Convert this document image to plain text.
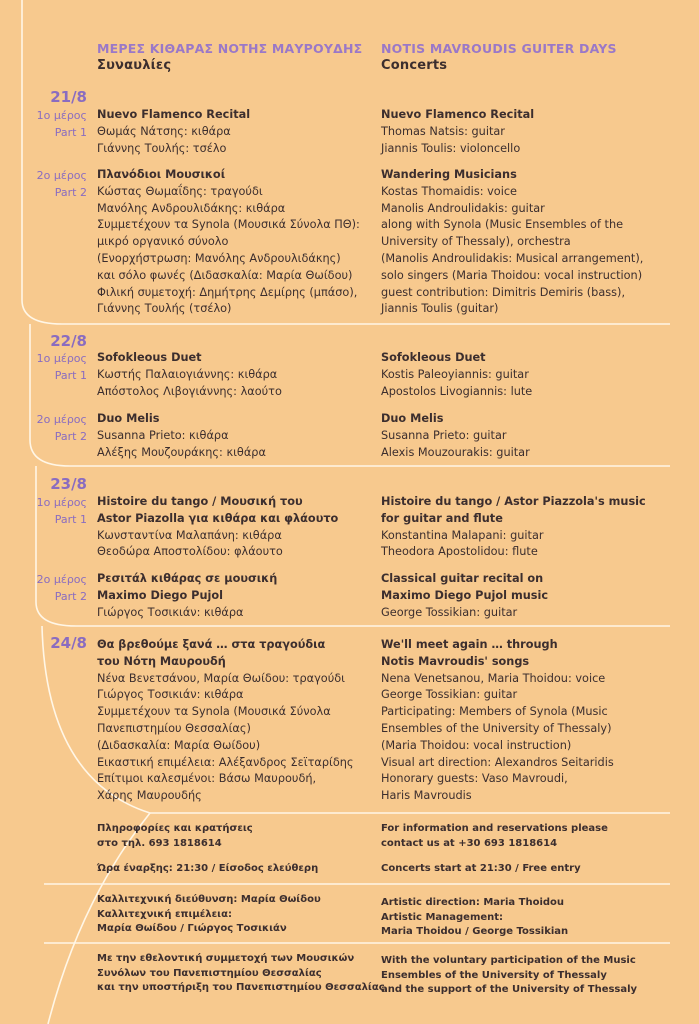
ΜΕΡΕΣ ΚΙΘΑΡΑΣ ΝΟΤΗΣ ΜΑΥΡΟΥΔΗΣ
Συναυλίες
NOTIS MAVROUDIS GUITER DAYS
Concerts
21/8
1ο μέρος
Part 1
Nuevo Flamenco Recital
Θωμάς Νάτσης: κιθάρα
Γιάννης Τουλής: τσέλο
Nuevo Flamenco Recital
Thomas Natsis: guitar
Jiannis Toulis: violoncello
2ο μέρος
Part 2
Πλανόδιοι Μουσικοί
Κώστας Θωμαΐδης: τραγούδι
Μανόλης Ανδρουλιδάκης: κιθάρα
Συμμετέχουν τα Synola (Μουσικά Σύνολα ΠΘ):
μικρό οργανικό σύνολο
(Ενορχήστρωση: Μανόλης Ανδρουλιδάκης)
και σόλο φωνές (Διδασκαλία: Μαρία Θωίδου)
Φιλική συμετοχή: Δημήτρης Δεμίρης (μπάσο),
Γιάννης Τουλής (τσέλο)
Wandering Musicians
Kostas Thomaidis: voice
Manolis Androulidakis: guitar
along with Synola (Music Ensembles of the
University of Thessaly), orchestra
(Manolis Androulidakis: Musical arrangement),
solo singers (Maria Thoidou: vocal instruction)
guest contribution: Dimitris Demiris (bass),
Jiannis Toulis (guitar)
22/8
1ο μέρος
Part 1
Sofokleous Duet
Κωστής Παλαιογιάννης: κιθάρα
Απόστολος Λιβογιάννης: λαούτο
Sofokleous Duet
Kostis Paleoyiannis: guitar
Apostolos Livogiannis: lute
2ο μέρος
Part 2
Duo Melis
Susanna Prieto: κιθάρα
Αλέξης Μουζουράκης: κιθάρα
Duo Melis
Susanna Prieto: guitar
Alexis Mouzourakis: guitar
23/8
1ο μέρος
Part 1
Histoire du tango / Μουσική του
Astor Piazolla για κιθάρα και φλάουτο
Κωνσταντίνα Μαλαπάνη: κιθάρα
Θεοδώρα Αποστολίδου: φλάουτο
Histoire du tango / Astor Piazzola's music
for guitar and flute
Konstantina Malapani: guitar
Theodora Apostolidou: flute
2ο μέρος
Part 2
Ρεσιτάλ κιθάρας σε μουσική
Maximo Diego Pujol
Γιώργος Τοσικιάν: κιθάρα
Classical guitar recital on
Maximo Diego Pujol music
George Tossikian: guitar
24/8 Θα βρεθούμε ξανά … στα τραγούδια
του Νότη Μαυρουδή
Νένα Βενετσάνου, Μαρία Θωίδου: τραγούδι
Γιώργος Τοσικιάν: κιθάρα
Συμμετέχουν τα Synola (Μουσικά Σύνολα
Πανεπιστημίου Θεσσαλίας)
(Διδασκαλία: Μαρία Θωίδου)
Εικαστική επιμέλεια: Αλέξανδρος Σεϊταρίδης
Επίτιμοι καλεσμένοι: Βάσω Μαυρουδή,
Χάρης Μαυρουδής
We'll meet again … through
Notis Mavroudis' songs
Nena Venetsanou, Maria Thoidou: voice
George Tossikian: guitar
Participating: Members of Synola (Music
Ensembles of the University of Thessaly)
(Maria Thoidou: vocal instruction)
Visual art direction: Alexandros Seitaridis
Honorary guests: Vaso Mavroudi,
Haris Mavroudis
Πληροφορίες και κρατήσεις
στο τηλ. 693 1818614
For information and reservations please
contact us at +30 693 1818614
Ώρα έναρξης: 21:30 / Είσοδος ελεύθερη	Concerts start at 21:30 / Free entry
Καλλιτεχνική διεύθυνση: Μαρία Θωίδου
Καλλιτεχνική επιμέλεια:
Μαρία Θωίδου / Γιώργος Τοσικιάν
Artistic direction: Maria Thoidou
Artistic Management:
Maria Thoidou / George Tossikian
Με την εθελοντική συμμετοχή των Μουσικών
Συνόλων του Πανεπιστημίου Θεσσαλίας
και την υποστήριξη του Πανεπιστημίου Θεσσαλίας
With the voluntary participation of the Music
Ensembles of the University of Thessaly
and the support of the University of Thessaly
